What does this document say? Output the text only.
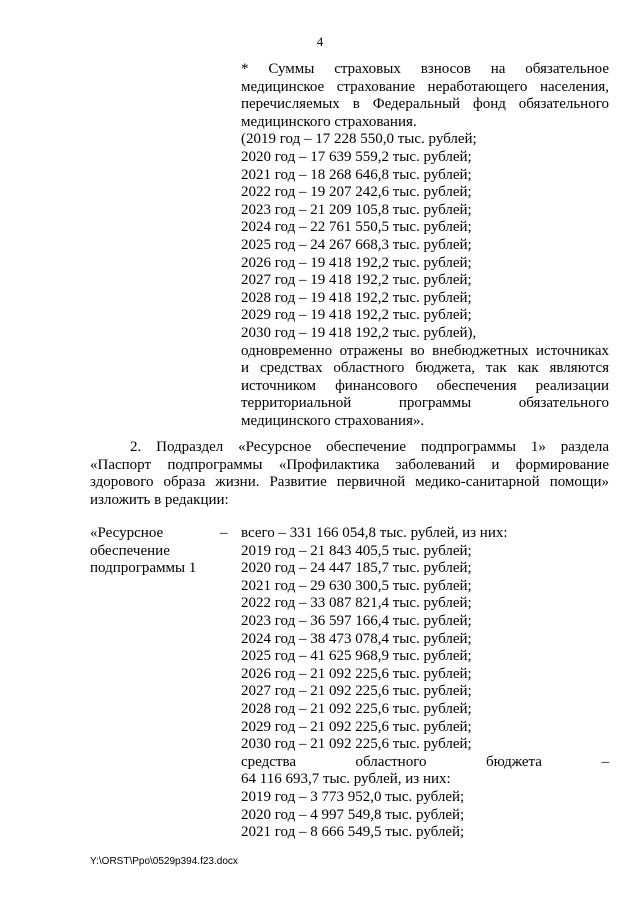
4
* Суммы страховых взносов на обязательное
медицинское страхование неработающего населения,
перечисляемых в Федеральный фонд обязательного
медицинского страхования.
(2019 год – 17 228 550,0 тыс. рублей;
2020 год – 17 639 559,2 тыс. рублей;
2021 год – 18 268 646,8 тыс. рублей;
2022 год – 19 207 242,6 тыс. рублей;
2023 год – 21 209 105,8 тыс. рублей;
2024 год – 22 761 550,5 тыс. рублей;
2025 год – 24 267 668,3 тыс. рублей;
2026 год – 19 418 192,2 тыс. рублей;
2027 год – 19 418 192,2 тыс. рублей;
2028 год – 19 418 192,2 тыс. рублей;
2029 год – 19 418 192,2 тыс. рублей;
2030 год – 19 418 192,2 тыс. рублей),
одновременно отражены во внебюджетных источниках
и средствах областного бюджета, так как являются
источником финансового обеспечения реализации
территориальной программы обязательного
медицинского страхования».
2. Подраздел «Ресурсное обеспечение подпрограммы 1» раздела
«Паспорт подпрограммы «Профилактика заболеваний и формирование
здорового образа жизни. Развитие первичной медико-санитарной помощи»
изложить в редакции:
«Ресурсное
обеспечение
подпрограммы 1
– всего – 331 166 054,8 тыс. рублей, из них:
2019 год – 21 843 405,5 тыс. рублей;
2020 год – 24 447 185,7 тыс. рублей;
2021 год – 29 630 300,5 тыс. рублей;
2022 год – 33 087 821,4 тыс. рублей;
2023 год – 36 597 166,4 тыс. рублей;
2024 год – 38 473 078,4 тыс. рублей;
2025 год – 41 625 968,9 тыс. рублей;
2026 год – 21 092 225,6 тыс. рублей;
2027 год – 21 092 225,6 тыс. рублей;
2028 год – 21 092 225,6 тыс. рублей;
2029 год – 21 092 225,6 тыс. рублей;
2030 год – 21 092 225,6 тыс. рублей;
средства областного бюджета –
64 116 693,7 тыс. рублей, из них:
2019 год – 3 773 952,0 тыс. рублей;
2020 год – 4 997 549,8 тыс. рублей;
2021 год – 8 666 549,5 тыс. рублей;
Y:\ORST\Ppo\0529p394.f23.docx
